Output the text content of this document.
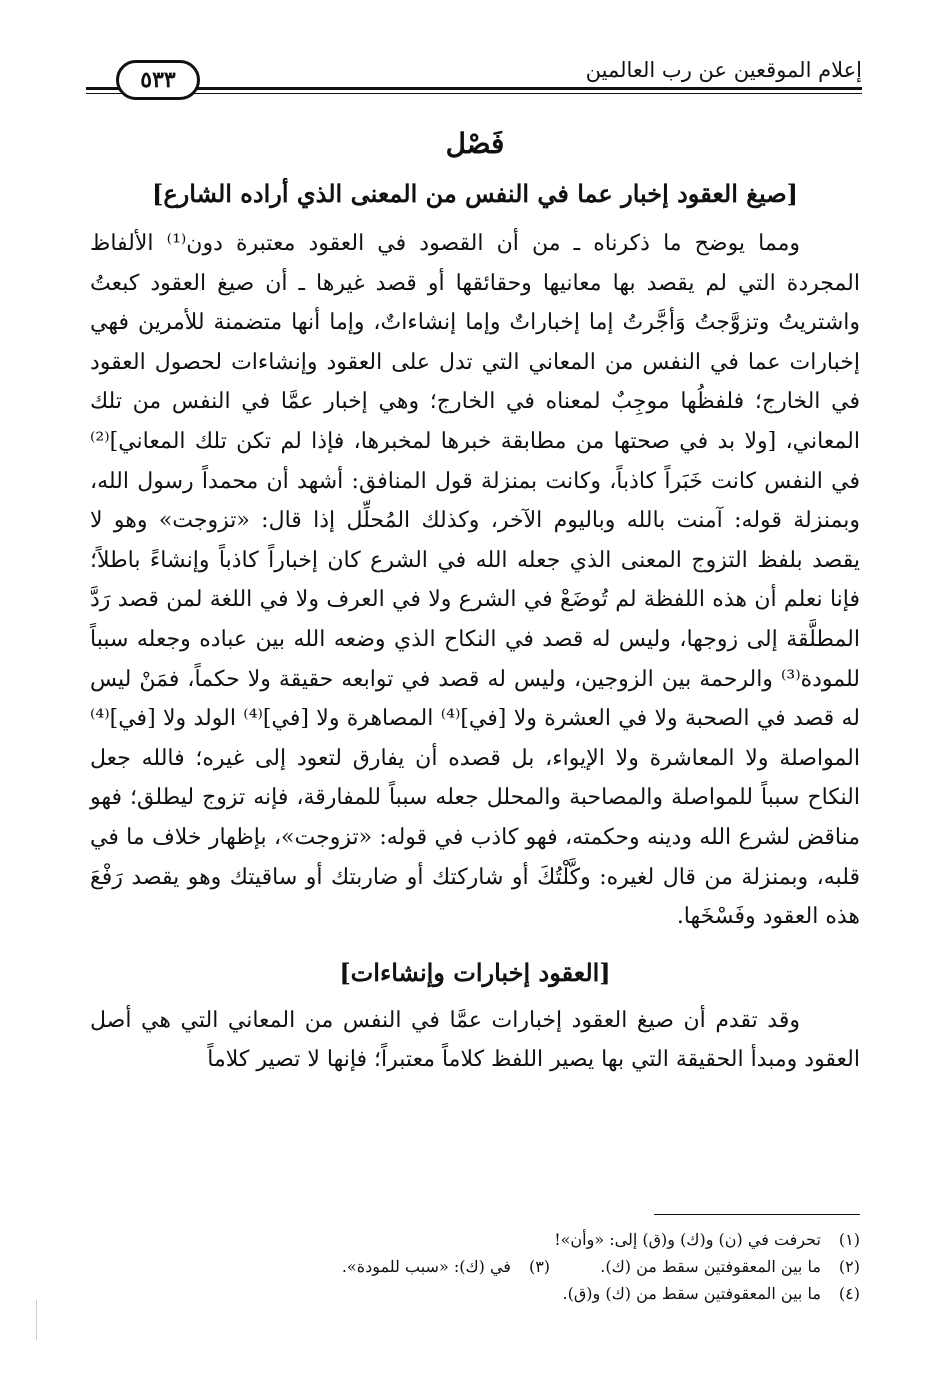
إعلام الموقعين عن رب العالمين
٥٣٣
فَصْل
[صيغ العقود إخبار عما في النفس من المعنى الذي أراده الشارع]

ومما يوضح ما ذكرناه ـ من أن القصود في العقود معتبرة دون⁽¹⁾ الألفاظ المجردة التي لم يقصد بها معانيها وحقائقها أو قصد غيرها ـ أن صيغ العقود كبعتُ واشتريتُ وتزوَّجتُ وَأجَّرتُ إما إخباراتٌ وإما إنشاءاتٌ، وإما أنها متضمنة للأمرين فهي إخبارات عما في النفس من المعاني التي تدل على العقود وإنشاءات لحصول العقود في الخارج؛ فلفظُها موجِبٌ لمعناه في الخارج؛ وهي إخبار عمَّا في النفس من تلك المعاني، [ولا بد في صحتها من مطابقة خبرها لمخبرها، فإذا لم تكن تلك المعاني]⁽²⁾ في النفس كانت خَبَراً كاذباً، وكانت بمنزلة قول المنافق: أشهد أن محمداً رسول الله، وبمنزلة قوله: آمنت بالله وباليوم الآخر، وكذلك المُحلِّل إذا قال: «تزوجت» وهو لا يقصد بلفظ التزوج المعنى الذي جعله الله في الشرع كان إخباراً كاذباً وإنشاءً باطلاً؛ فإنا نعلم أن هذه اللفظة لم تُوضَعْ في الشرع ولا في العرف ولا في اللغة لمن قصد رَدَّ المطلَّقة إلى زوجها، وليس له قصد في النكاح الذي وضعه الله بين عباده وجعله سبباً للمودة⁽³⁾ والرحمة بين الزوجين، وليس له قصد في توابعه حقيقة ولا حكماً، فمَنْ ليس له قصد في الصحبة ولا في العشرة ولا [في]⁽⁴⁾ المصاهرة ولا [في]⁽⁴⁾ الولد ولا [في]⁽⁴⁾ المواصلة ولا المعاشرة ولا الإيواء، بل قصده أن يفارق لتعود إلى غيره؛ فالله جعل النكاح سبباً للمواصلة والمصاحبة والمحلل جعله سبباً للمفارقة، فإنه تزوج ليطلق؛ فهو مناقض لشرع الله ودينه وحكمته، فهو كاذب في قوله: «تزوجت»، بإظهار خلاف ما في قلبه، وبمنزلة من قال لغيره: وكَّلْتُكَ أو شاركتك أو ضاربتك أو ساقيتك وهو يقصد رَفْعَ هذه العقود وفَسْخَها.

[العقود إخبارات وإنشاءات]

وقد تقدم أن صيغ العقود إخبارات عمَّا في النفس من المعاني التي هي أصل العقود ومبدأ الحقيقة التي بها يصير اللفظ كلاماً معتبراً؛ فإنها لا تصير كلاماً

(١) تحرفت في (ن) و(ك) و(ق) إلى: «وأن»!
(٢) ما بين المعقوفتين سقط من (ك).  (٣) في (ك): «سبب للمودة».
(٤) ما بين المعقوفتين سقط من (ك) و(ق).
